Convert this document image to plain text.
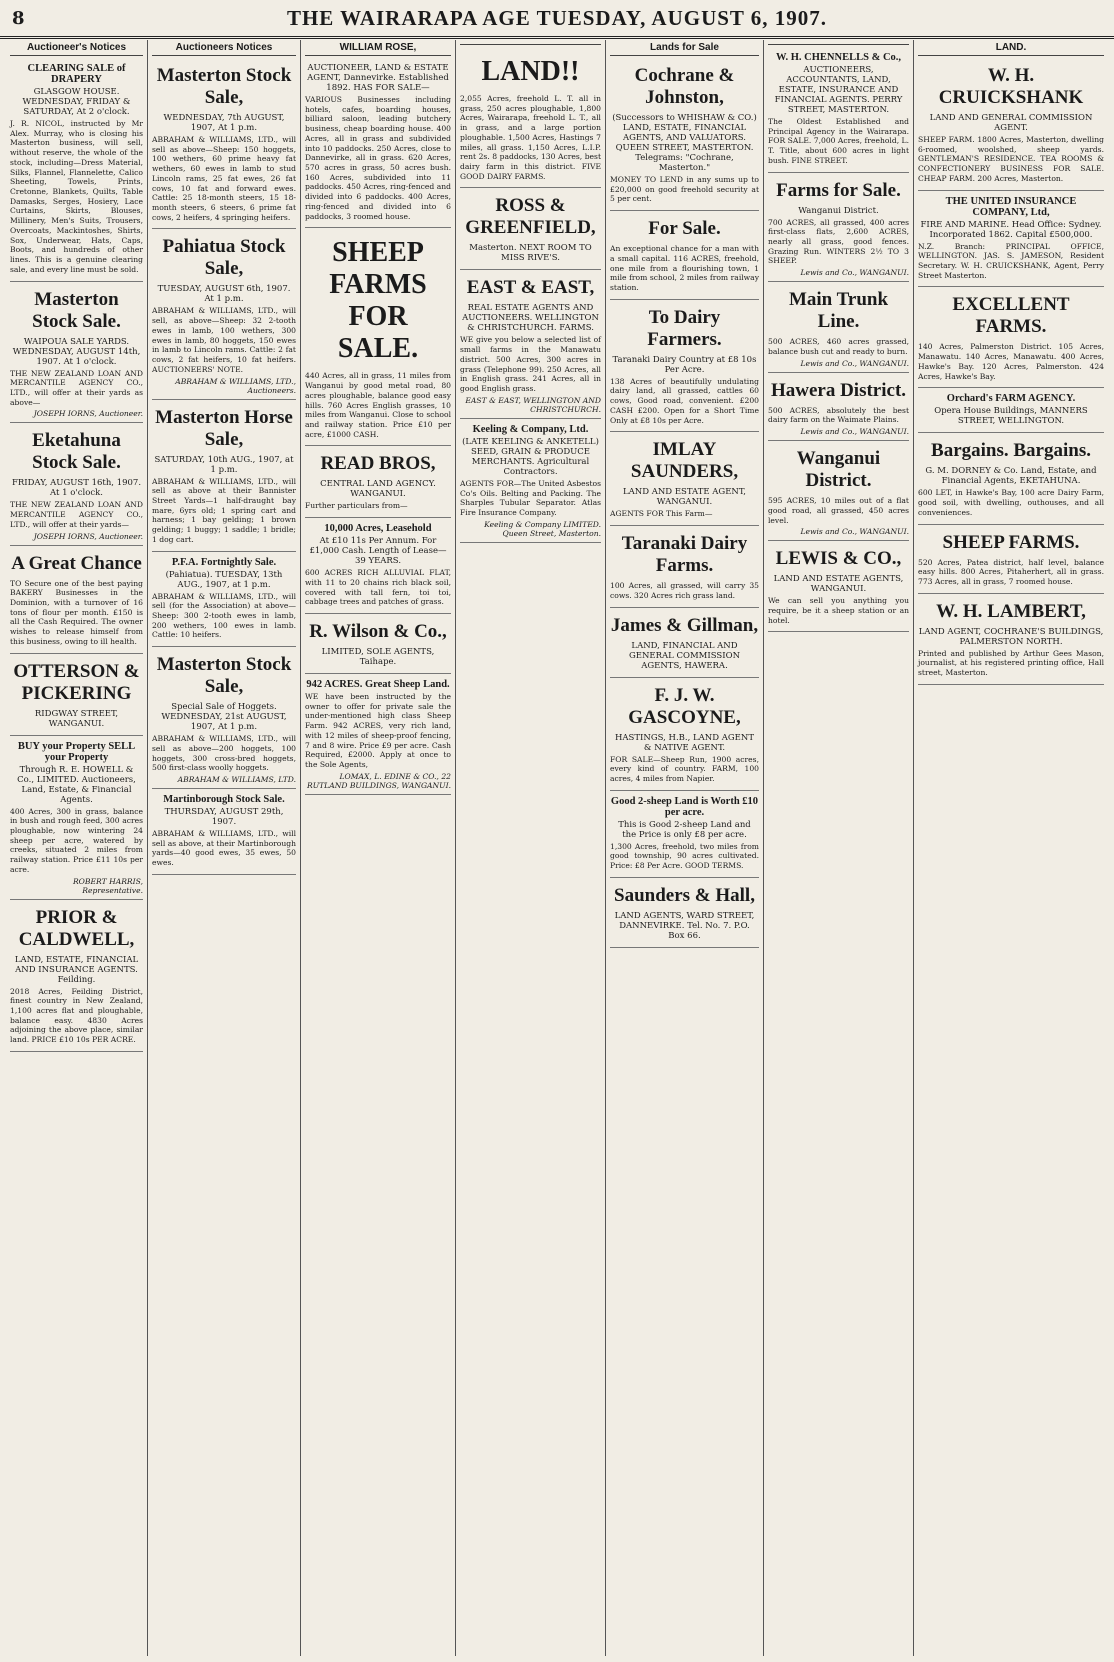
8	THE WAIRARAPA AGE TUESDAY, AUGUST 6, 1907.
Auctioneer's Notices
CLEARING SALE of DRAPERY
GLASGOW HOUSE. WEDNESDAY, FRIDAY & SATURDAY, At 2 o'clock.
J. R. NICOL, instructed by Mr Alex. Murray, who is closing his Masterton business, will sell, without reserve, the whole of the stock, including—Dress Material, Silks, Flannel, Flannelette, Calico Sheeting, Towels, Prints, Cretonne, Blankets, Quilts, Table Damasks, Serges, Hosiery, Lace Curtains, Skirts, Blouses, Millinery, Men's Suits, Trousers, Overcoats, Mackintoshes, Shirts, Sox, Underwear, Hats, Caps, Boots, and hundreds of other lines. This is a genuine clearing sale, and every line must be sold.
Masterton Stock Sale.
WAIPOUA SALE YARDS. WEDNESDAY, AUGUST 14th, 1907. At 1 o'clock.
THE NEW ZEALAND LOAN AND MERCANTILE AGENCY CO., LTD., will offer at their yards as above—
JOSEPH IORNS, Auctioneer.
Eketahuna Stock Sale.
FRIDAY, AUGUST 16th, 1907. At 1 o'clock.
THE NEW ZEALAND LOAN AND MERCANTILE AGENCY CO., LTD., will offer at their yards—
JOSEPH IORNS, Auctioneer.
A Great Chance
TO Secure one of the best paying BAKERY Businesses in the Dominion, with a turnover of 16 tons of flour per month. £150 is all the Cash Required. The owner wishes to release himself from this business, owing to ill health.
OTTERSON & PICKERING
RIDGWAY STREET, WANGANUI.
BUY your Property SELL your Property
Through R. E. HOWELL & Co., LIMITED. Auctioneers, Land, Estate, & Financial Agents.
400 Acres, 300 in grass, balance in bush and rough feed, 300 acres ploughable, now wintering 24 sheep per acre, watered by creeks, situated 2 miles from railway station. Price £11 10s per acre.
ROBERT HARRIS, Representative.
PRIOR & CALDWELL,
LAND, ESTATE, FINANCIAL AND INSURANCE AGENTS. Feilding.
2018 Acres, Feilding District, finest country in New Zealand, 1,100 acres flat and ploughable, balance easy. 4830 Acres adjoining the above place, similar land. PRICE £10 10s PER ACRE.
Auctioneers Notices
Masterton Stock Sale,
WEDNESDAY, 7th AUGUST, 1907, At 1 p.m.
ABRAHAM & WILLIAMS, LTD., will sell as above—Sheep: 150 hoggets, 100 wethers, 60 prime heavy fat wethers, 60 ewes in lamb to stud Lincoln rams, 25 fat ewes, 26 fat cows, 10 fat and forward ewes. Cattle: 25 18-month steers, 15 18-month steers, 6 steers, 6 prime fat cows, 2 heifers, 4 springing heifers.
Pahiatua Stock Sale,
TUESDAY, AUGUST 6th, 1907. At 1 p.m.
ABRAHAM & WILLIAMS, LTD., will sell, as above—Sheep: 32 2-tooth ewes in lamb, 100 wethers, 300 ewes in lamb, 80 hoggets, 150 ewes in lamb to Lincoln rams. Cattle: 2 fat cows, 2 fat heifers, 10 fat heifers. AUCTIONEERS' NOTE.
ABRAHAM & WILLIAMS, LTD., Auctioneers.
Masterton Horse Sale,
SATURDAY, 10th AUG., 1907, at 1 p.m.
ABRAHAM & WILLIAMS, LTD., will sell as above at their Bannister Street Yards—1 half-draught bay mare, 6yrs old; 1 spring cart and harness; 1 bay gelding; 1 brown gelding; 1 buggy; 1 saddle; 1 bridle; 1 dog cart.
P.F.A. Fortnightly Sale.
(Pahiatua). TUESDAY, 13th AUG., 1907, at 1 p.m.
ABRAHAM & WILLIAMS, LTD., will sell (for the Association) at above—Sheep: 300 2-tooth ewes in lamb, 200 wethers, 100 ewes in lamb. Cattle: 10 heifers.
Masterton Stock Sale,
Special Sale of Hoggets. WEDNESDAY, 21st AUGUST, 1907, At 1 p.m.
ABRAHAM & WILLIAMS, LTD., will sell as above—200 hoggets, 100 hoggets, 300 cross-bred hoggets, 500 first-class woolly hoggets.
ABRAHAM & WILLIAMS, LTD.
Martinborough Stock Sale.
THURSDAY, AUGUST 29th, 1907.
ABRAHAM & WILLIAMS, LTD., will sell as above, at their Martinborough yards—40 good ewes, 35 ewes, 50 ewes.
WILLIAM ROSE,
AUCTIONEER, LAND & ESTATE AGENT, Dannevirke. Established 1892. HAS FOR SALE—
VARIOUS Businesses including hotels, cafes, boarding houses, billiard saloon, leading butchery business, cheap boarding house. 400 Acres, all in grass and subdivided into 10 paddocks. 250 Acres, close to Dannevirke, all in grass. 620 Acres, 570 acres in grass, 50 acres bush. 160 Acres, subdivided into 11 paddocks. 450 Acres, ring-fenced and divided into 6 paddocks. 400 Acres, ring-fenced and divided into 6 paddocks, 3 roomed house.
SHEEP FARMS FOR SALE.
440 Acres, all in grass, 11 miles from Wanganui by good metal road, 80 acres ploughable, balance good easy hills. 760 Acres English grasses, 10 miles from Wanganui. Close to school and railway station. Price £10 per acre, £1000 CASH.
READ BROS,
CENTRAL LAND AGENCY. WANGANUI.
Further particulars from—
10,000 Acres, Leasehold
At £10 11s Per Annum. For £1,000 Cash. Length of Lease—39 YEARS.
600 ACRES RICH ALLUVIAL FLAT, with 11 to 20 chains rich black soil, covered with tall fern, toi toi, cabbage trees and patches of grass.
R. Wilson & Co.,
LIMITED, SOLE AGENTS, Taihape.
942 ACRES. Great Sheep Land.
WE have been instructed by the owner to offer for private sale the under-mentioned high class Sheep Farm. 942 ACRES, very rich land, with 12 miles of sheep-proof fencing, 7 and 8 wire. Price £9 per acre. Cash Required, £2000. Apply at once to the Sole Agents,
LOMAX, L. EDINE & CO., 22 RUTLAND BUILDINGS, WANGANUI.
LAND!!
2,055 Acres, freehold L. T. all in grass, 250 acres ploughable, 1,800 Acres, Wairarapa, freehold L. T., all in grass, and a large portion ploughable. 1,500 Acres, Hastings 7 miles, all grass. 1,150 Acres, L.I.P. rent 2s. 8 paddocks, 130 Acres, best dairy farm in this district. FIVE GOOD DAIRY FARMS.
ROSS & GREENFIELD,
Masterton. NEXT ROOM TO MISS RIVE'S.
EAST & EAST,
REAL ESTATE AGENTS AND AUCTIONEERS. WELLINGTON & CHRISTCHURCH. FARMS.
WE give you below a selected list of small farms in the Manawatu district. 500 Acres, 300 acres in grass (Telephone 99). 250 Acres, all in English grass. 241 Acres, all in good English grass.
EAST & EAST, WELLINGTON AND CHRISTCHURCH.
Keeling & Company, Ltd.
(LATE KEELING & ANKETELL) SEED, GRAIN & PRODUCE MERCHANTS. Agricultural Contractors.
AGENTS FOR—The United Asbestos Co's Oils. Belting and Packing. The Sharples Tubular Separator. Atlas Fire Insurance Company.
Keeling & Company LIMITED. Queen Street, Masterton.
Lands for Sale
Cochrane & Johnston,
(Successors to WHISHAW & CO.) LAND, ESTATE, FINANCIAL AGENTS, AND VALUATORS. QUEEN STREET, MASTERTON. Telegrams: "Cochrane, Masterton."
MONEY TO LEND in any sums up to £20,000 on good freehold security at 5 per cent.
For Sale.
An exceptional chance for a man with a small capital. 116 ACRES, freehold, one mile from a flourishing town, 1 mile from school, 2 miles from railway station.
To Dairy Farmers.
Taranaki Dairy Country at £8 10s Per Acre.
138 Acres of beautifully undulating dairy land, all grassed, cattles 60 cows, Good road, convenient. £200 CASH £200. Open for a Short Time Only at £8 10s per Acre.
IMLAY SAUNDERS,
LAND AND ESTATE AGENT, WANGANUI.
AGENTS FOR This Farm—
Taranaki Dairy Farms.
100 Acres, all grassed, will carry 35 cows. 320 Acres rich grass land.
James & Gillman,
LAND, FINANCIAL AND GENERAL COMMISSION AGENTS, HAWERA.
F. J. W. GASCOYNE,
HASTINGS, H.B., LAND AGENT & NATIVE AGENT.
FOR SALE—Sheep Run, 1900 acres, every kind of country. FARM, 100 acres, 4 miles from Napier.
Good 2-sheep Land is Worth £10 per acre.
This is Good 2-sheep Land and the Price is only £8 per acre.
1,300 Acres, freehold, two miles from good township, 90 acres cultivated. Price: £8 Per Acre. GOOD TERMS.
Saunders & Hall,
LAND AGENTS, WARD STREET, DANNEVIRKE. Tel. No. 7. P.O. Box 66.
W. H. CHENNELLS & Co.,
AUCTIONEERS, ACCOUNTANTS, LAND, ESTATE, INSURANCE AND FINANCIAL AGENTS. PERRY STREET, MASTERTON.
The Oldest Established and Principal Agency in the Wairarapa. FOR SALE. 7,000 Acres, freehold, L. T. Title, about 600 acres in light bush. FINE STREET.
Farms for Sale.
Wanganui District.
700 ACRES, all grassed, 400 acres first-class flats, 2,600 ACRES, nearly all grass, good fences. Grazing Run. WINTERS 2½ TO 3 SHEEP.
Lewis and Co., WANGANUI.
Main Trunk Line.
500 ACRES, 460 acres grassed, balance bush cut and ready to burn.
Lewis and Co., WANGANUI.
Hawera District.
500 ACRES, absolutely the best dairy farm on the Waimate Plains.
Lewis and Co., WANGANUI.
Wanganui District.
595 ACRES, 10 miles out of a flat good road, all grassed, 450 acres level.
Lewis and Co., WANGANUI.
LEWIS & CO.,
LAND AND ESTATE AGENTS, WANGANUI.
We can sell you anything you require, be it a sheep station or an hotel.
LAND.
W. H. CRUICKSHANK
LAND AND GENERAL COMMISSION AGENT.
SHEEP FARM. 1800 Acres, Masterton, dwelling 6-roomed, woolshed, sheep yards. GENTLEMAN'S RESIDENCE. TEA ROOMS & CONFECTIONERY BUSINESS FOR SALE. CHEAP FARM. 200 Acres, Masterton.
THE UNITED INSURANCE COMPANY, Ltd,
FIRE AND MARINE. Head Office: Sydney. Incorporated 1862. Capital £500,000.
N.Z. Branch: PRINCIPAL OFFICE, WELLINGTON. JAS. S. JAMESON, Resident Secretary. W. H. CRUICKSHANK, Agent, Perry Street Masterton.
EXCELLENT FARMS.
140 Acres, Palmerston District. 105 Acres, Manawatu. 140 Acres, Manawatu. 400 Acres, Hawke's Bay. 120 Acres, Palmerston. 424 Acres, Hawke's Bay.
Orchard's FARM AGENCY.
Opera House Buildings, MANNERS STREET, WELLINGTON.
Bargains. Bargains.
G. M. DORNEY & Co. Land, Estate, and Financial Agents, EKETAHUNA.
600 LET, in Hawke's Bay, 100 acre Dairy Farm, good soil, with dwelling, outhouses, and all conveniences.
SHEEP FARMS.
520 Acres, Patea district, half level, balance easy hills. 800 Acres, Pitaherhert, all in grass. 773 Acres, all in grass, 7 roomed house.
W. H. LAMBERT,
LAND AGENT, COCHRANE'S BUILDINGS, PALMERSTON NORTH.
Printed and published by Arthur Gees Mason, journalist, at his registered printing office, Hall street, Masterton.
